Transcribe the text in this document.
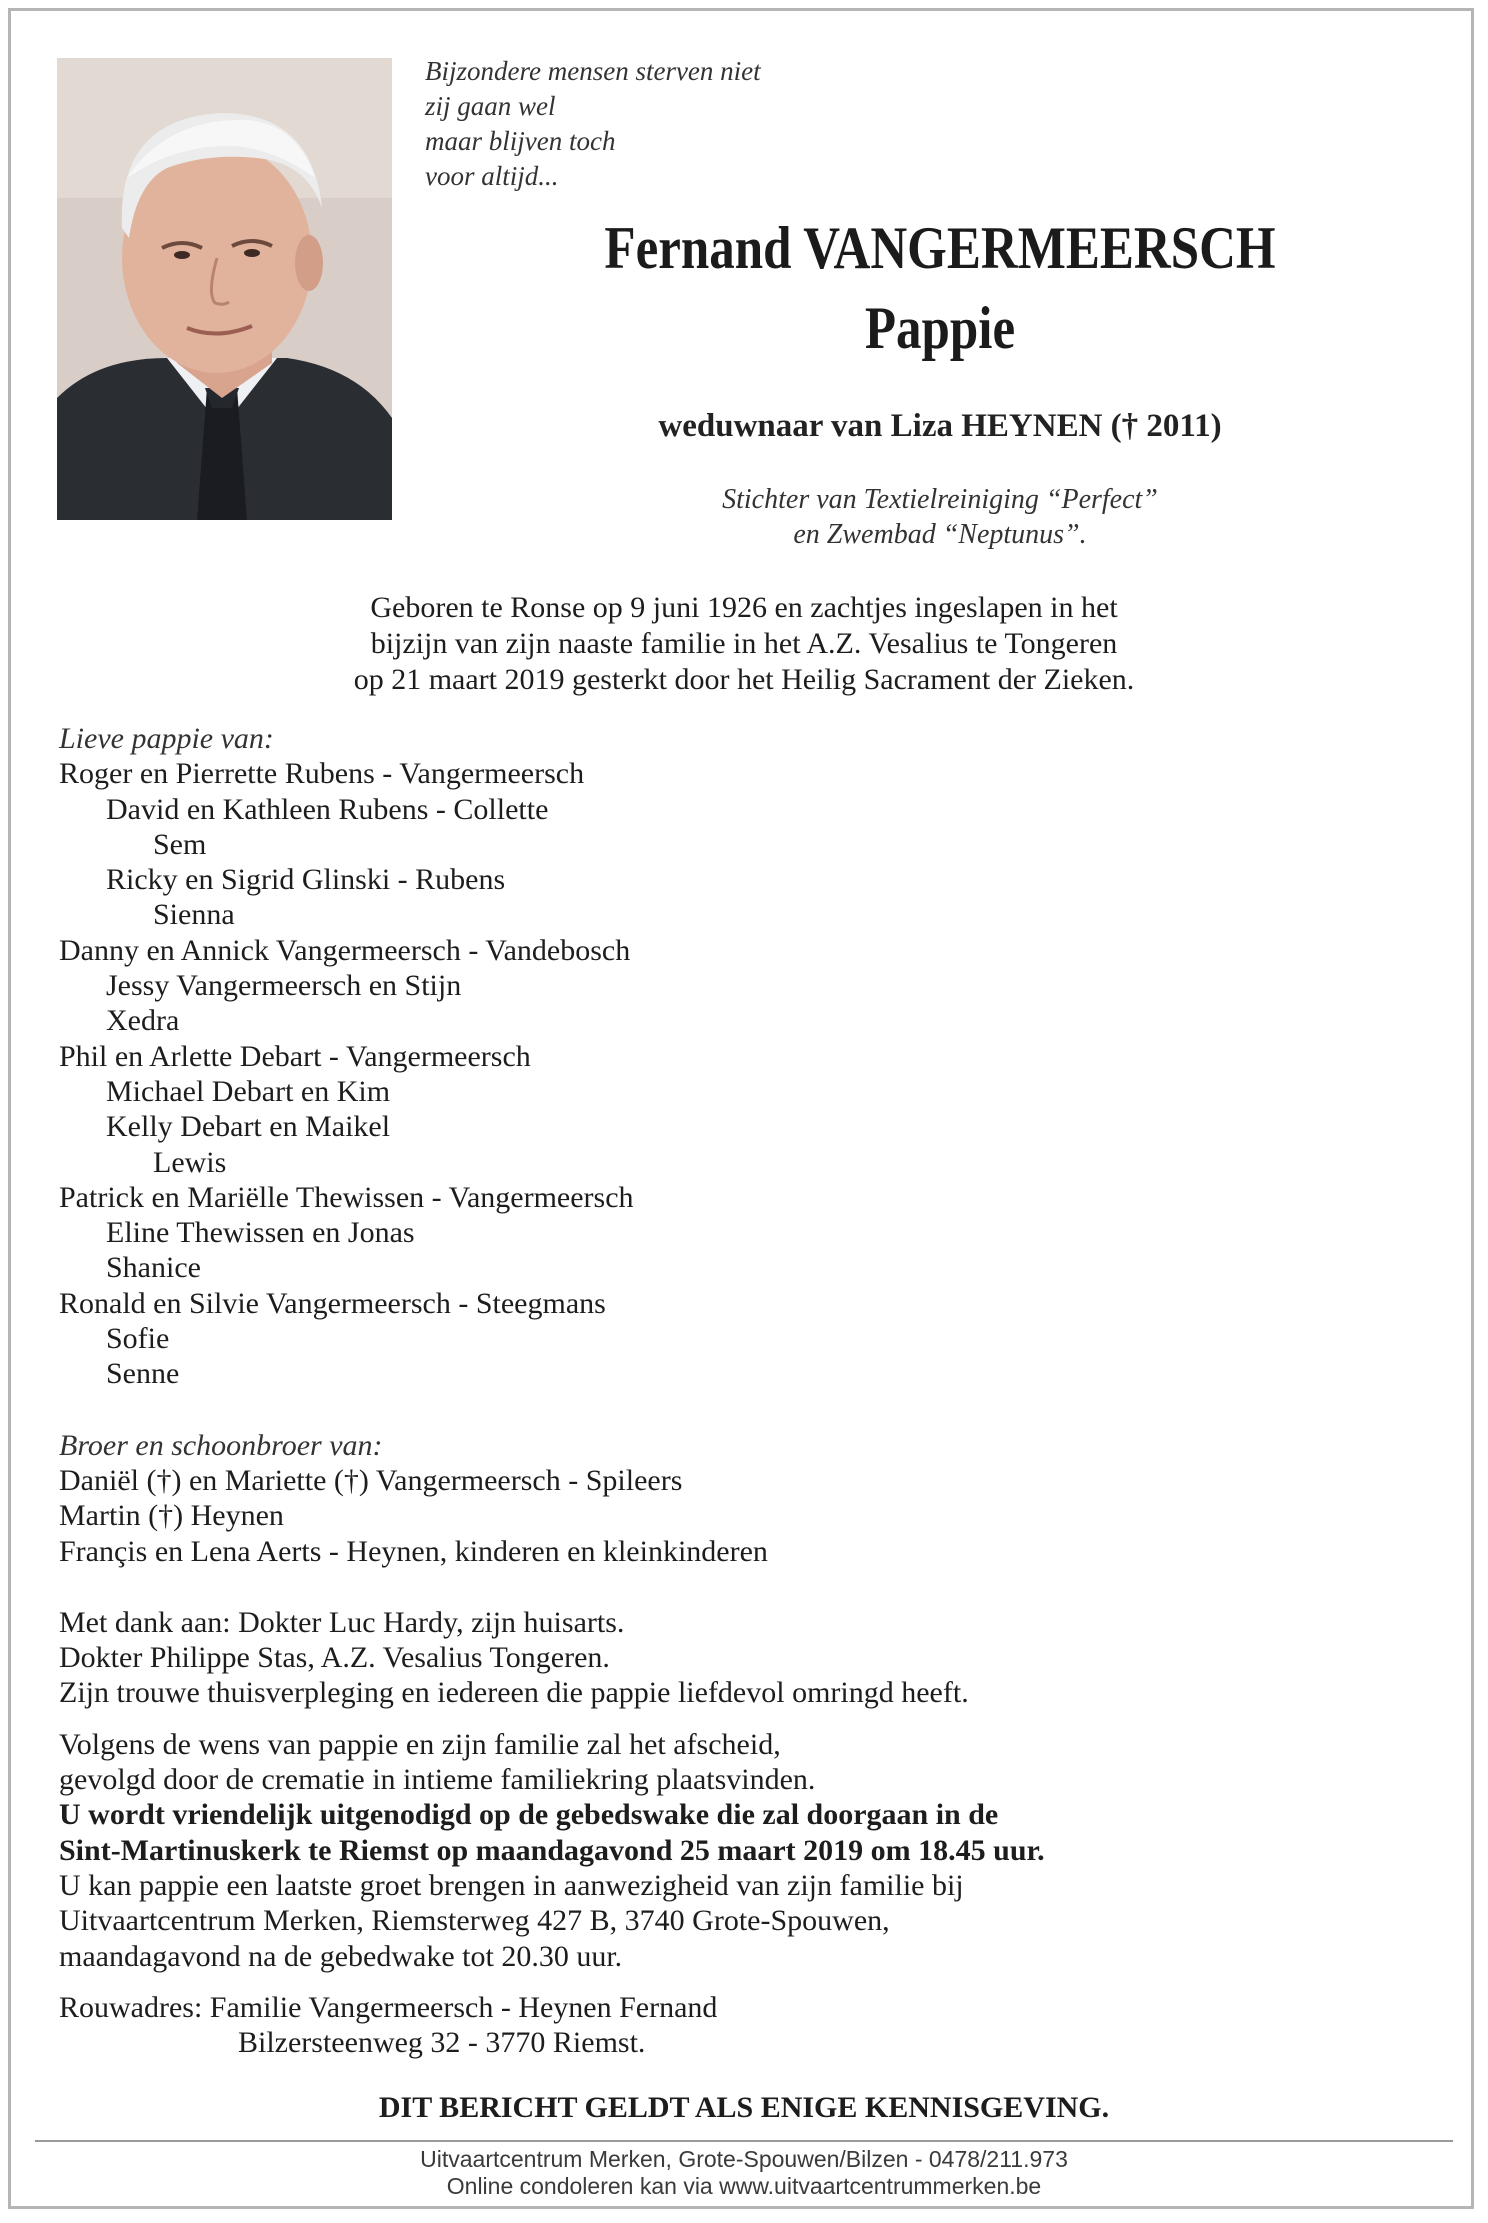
Bijzondere mensen sterven niet
zij gaan wel
maar blijven toch
voor altijd...
Fernand VANGERMEERSCH
Pappie
weduwnaar van Liza HEYNEN († 2011)
Stichter van Textielreiniging “Perfect”
en Zwembad “Neptunus”.
Geboren te Ronse op 9 juni 1926 en zachtjes ingeslapen in het
bijzijn van zijn naaste familie in het A.Z. Vesalius te Tongeren
op 21 maart 2019 gesterkt door het Heilig Sacrament der Zieken.
Lieve pappie van:
Roger en Pierrette Rubens - Vangermeersch
David en Kathleen Rubens - Collette
Sem
Ricky en Sigrid Glinski - Rubens
Sienna
Danny en Annick Vangermeersch - Vandebosch
Jessy Vangermeersch en Stijn
Xedra
Phil en Arlette Debart - Vangermeersch
Michael Debart en Kim
Kelly Debart en Maikel
Lewis
Patrick en Mariëlle Thewissen - Vangermeersch
Eline Thewissen en Jonas
Shanice
Ronald en Silvie Vangermeersch - Steegmans
Sofie
Senne
Broer en schoonbroer van:
Daniël (†) en Mariette (†) Vangermeersch - Spileers
Martin (†) Heynen
Françis en Lena Aerts - Heynen, kinderen en kleinkinderen
Met dank aan: Dokter Luc Hardy, zijn huisarts.
Dokter Philippe Stas, A.Z. Vesalius Tongeren.
Zijn trouwe thuisverpleging en iedereen die pappie liefdevol omringd heeft.
Volgens de wens van pappie en zijn familie zal het afscheid,
gevolgd door de crematie in intieme familiekring plaatsvinden.
U wordt vriendelijk uitgenodigd op de gebedswake die zal doorgaan in de
Sint-Martinuskerk te Riemst op maandagavond 25 maart 2019 om 18.45 uur.
U kan pappie een laatste groet brengen in aanwezigheid van zijn familie bij
Uitvaartcentrum Merken, Riemsterweg 427 B, 3740 Grote-Spouwen,
maandagavond na de gebedwake tot 20.30 uur.
Rouwadres: Familie Vangermeersch - Heynen Fernand
Bilzersteenweg 32 - 3770 Riemst.
DIT BERICHT GELDT ALS ENIGE KENNISGEVING.
Uitvaartcentrum Merken, Grote-Spouwen/Bilzen - 0478/211.973
Online condoleren kan via www.uitvaartcentrummerken.be
